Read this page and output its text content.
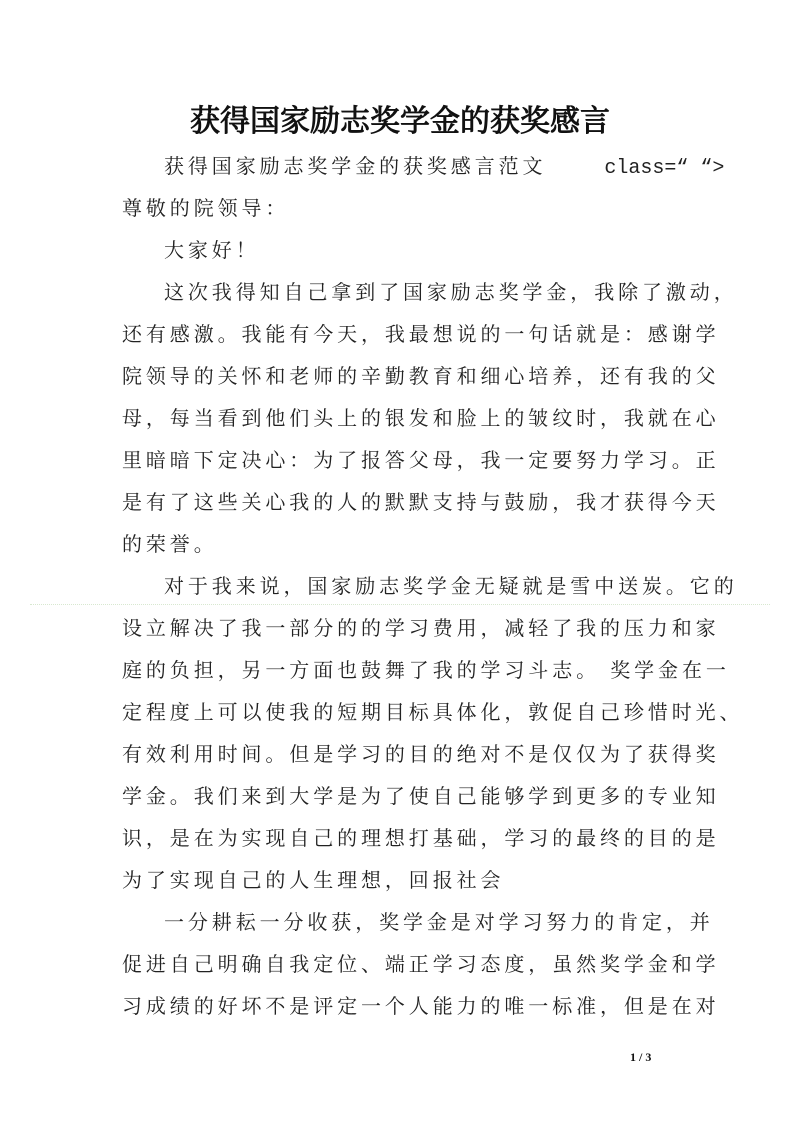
获得国家励志奖学金的获奖感言
获得国家励志奖学金的获奖感言范文	class=“ “>
尊敬的院领导：
大家好！
这次我得知自己拿到了国家励志奖学金，我除了激动，
还有感激。我能有今天，我最想说的一句话就是：感谢学
院领导的关怀和老师的辛勤教育和细心培养，还有我的父
母，每当看到他们头上的银发和脸上的皱纹时，我就在心
里暗暗下定决心：为了报答父母，我一定要努力学习。正
是有了这些关心我的人的默默支持与鼓励，我才获得今天
的荣誉。
对于我来说，国家励志奖学金无疑就是雪中送炭。它的
设立解决了我一部分的的学习费用，减轻了我的压力和家
庭的负担，另一方面也鼓舞了我的学习斗志。 奖学金在一
定程度上可以使我的短期目标具体化，敦促自己珍惜时光、
有效利用时间。但是学习的目的绝对不是仅仅为了获得奖
学金。我们来到大学是为了使自己能够学到更多的专业知
识，是在为实现自己的理想打基础，学习的最终的目的是
为了实现自己的人生理想，回报社会
一分耕耘一分收获，奖学金是对学习努力的肯定，并
促进自己明确自我定位、端正学习态度，虽然奖学金和学
习成绩的好坏不是评定一个人能力的唯一标准，但是在对
1 / 3
